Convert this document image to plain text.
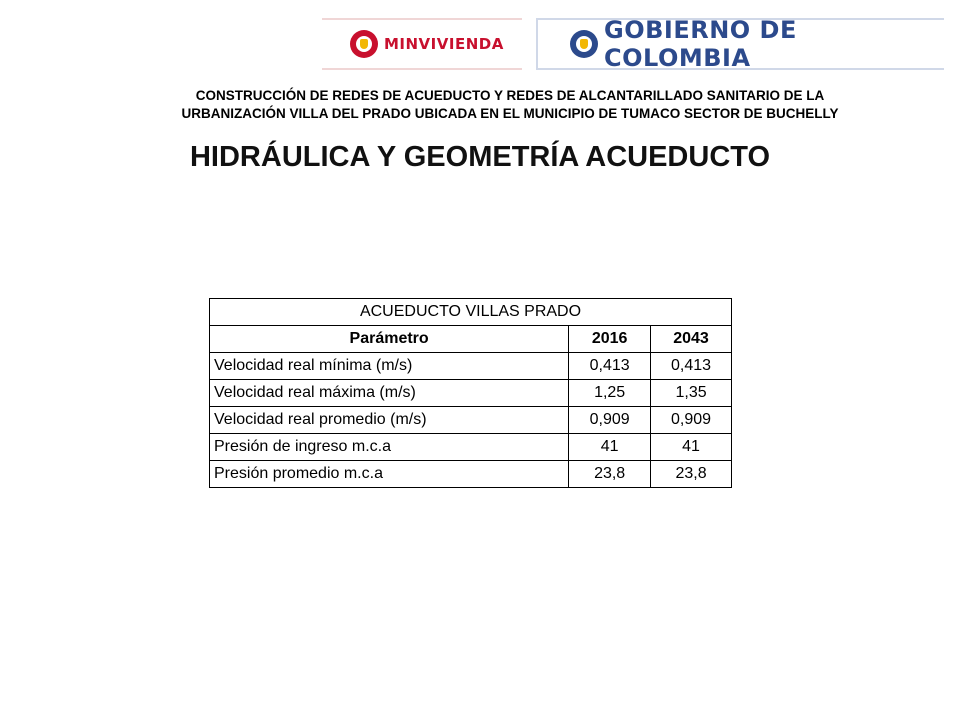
MINVIVIENDA	GOBIERNO DE COLOMBIA
CONSTRUCCIÓN DE REDES DE ACUEDUCTO Y REDES DE ALCANTARILLADO SANITARIO DE LA
URBANIZACIÓN VILLA DEL PRADO UBICADA EN EL MUNICIPIO DE TUMACO SECTOR DE BUCHELLY
HIDRÁULICA Y GEOMETRÍA ACUEDUCTO
ACUEDUCTO VILLAS PRADO		
Parámetro	2016	2043
Velocidad real mínima (m/s)	0,413	0,413
Velocidad real máxima (m/s)	1,25	1,35
Velocidad real promedio (m/s)	0,909	0,909
Presión de ingreso m.c.a	41	41
Presión promedio m.c.a	23,8	23,8
